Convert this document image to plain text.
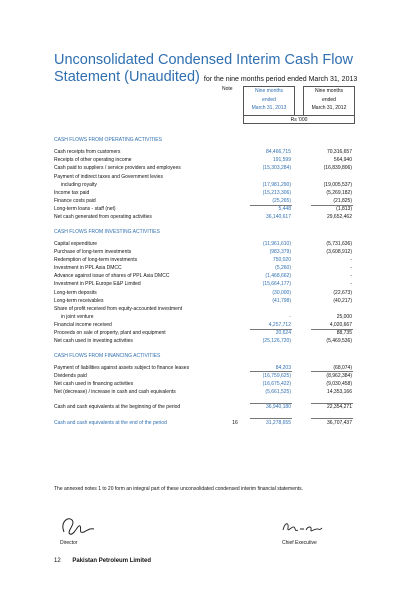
Unconsolidated Condensed Interim Cash Flow Statement (Unaudited) for the nine months period ended March 31, 2013
Note	Nine months
ended
March 31, 2013
Nine months
ended
March 31, 2012
Rs '000
CASH FLOWS FROM OPERATING ACTIVITIES
Cash receipts from customers	84,466,715	70,316,657
Receipts of other operating income	191,599	564,940
Cash paid to suppliers / service providers and employees	(15,303,284)	(16,839,806)
Payment of indirect taxes and Government levies
including royalty	(17,981,290)	(19,005,537)
Income tax paid	(15,213,306)	(5,269,182)
Finance costs paid	(25,265)	(21,825)
Long-term loans - staff (net)	5,448	(1,813)
Net cash generated from operating activities	36,140,617	29,652,462
CASH FLOWS FROM INVESTING ACTIVITIES
Capital expenditure	(11,961,610)	(5,731,636)
Purchase of long-term investments	(983,379)	(3,608,912)
Redemption of long-term investments	750,020	-
Investment in PPL Asia DMCC	(5,260)	-
Advance against issue of shares of PPL Asia DMCC	(1,468,662)	-
Investment in PPL Europe E&P Limited	(15,664,177)	-
Long-term deposits	(30,000)	(22,673)
Long-term receivables	(41,798)	(40,217)
Share of profit received from equity-accounted investment
in joint venture	-	25,000
Financial income received	4,257,712	4,020,667
Proceeds on sale of property, plant and equipment	20,624	88,735
Net cash used in investing activities	(25,126,720)	(5,469,536)
CASH FLOWS FROM FINANCING ACTIVITIES
Payment of liabilities against assets subject to finance leases	84,203	(68,074)
Dividends paid	(16,759,625)	(8,962,384)
Net cash used in financing activities	(16,675,422)	(9,030,458)
Net (decrease) / increase in cash and cash equivalents	(5,661,525)	14,353,166
Cash and cash equivalents at the beginning of the period	36,940,180	22,354,271
Cash and cash equivalents at the end of the period	16	31,278,655	36,707,437
The annexed notes 1 to 20 form an integral part of these unconsolidated condensed interim financial statements.
Director	Chief Executive
12 Pakistan Petroleum Limited
